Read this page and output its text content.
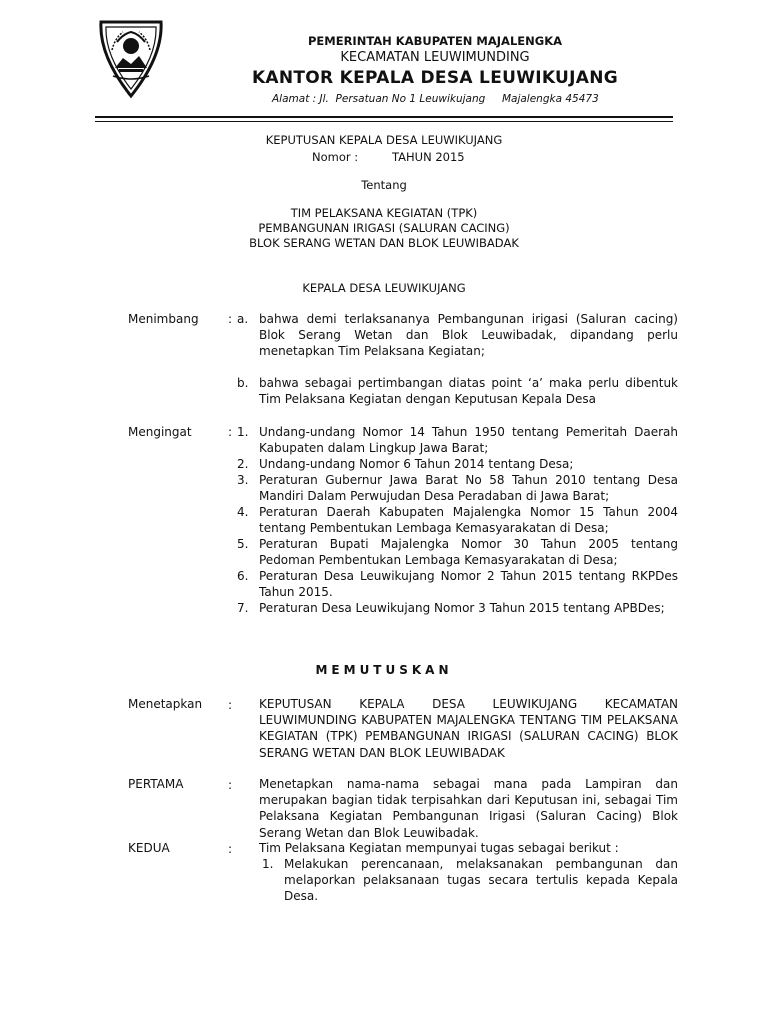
PEMERINTAH KABUPATEN MAJALENGKA
KECAMATAN LEUWIMUNDING
KANTOR KEPALA DESA LEUWIKUJANG
Alamat : Jl.  Persatuan No 1 Leuwikujang     Majalengka 45473
KEPUTUSAN KEPALA DESA LEUWIKUJANG
Nomor :	TAHUN 2015
Tentang
TIM PELAKSANA KEGIATAN (TPK)
PEMBANGUNAN IRIGASI (SALURAN CACING)
BLOK SERANG WETAN DAN BLOK LEUWIBADAK
KEPALA DESA LEUWIKUJANG
Menimbang : a. bahwa demi terlaksananya Pembangunan irigasi (Saluran cacing) Blok Serang Wetan dan Blok Leuwibadak, dipandang perlu menetapkan Tim Pelaksana Kegiatan;
b. bahwa sebagai pertimbangan diatas point ‘a’ maka perlu dibentuk Tim Pelaksana Kegiatan dengan Keputusan Kepala Desa
Mengingat	: 1. Undang-undang Nomor 14 Tahun 1950 tentang Pemeritah Daerah Kabupaten dalam Lingkup Jawa Barat;
2. Undang-undang Nomor 6 Tahun 2014 tentang Desa;
3. Peraturan Gubernur Jawa Barat No 58 Tahun 2010 tentang Desa Mandiri Dalam Perwujudan Desa Peradaban di Jawa Barat;
4. Peraturan Daerah Kabupaten Majalengka Nomor 15 Tahun 2004 tentang Pembentukan Lembaga Kemasyarakatan di Desa;
5. Peraturan Bupati Majalengka Nomor 30 Tahun 2005 tentang Pedoman Pembentukan Lembaga Kemasyarakatan di Desa;
6. Peraturan Desa Leuwikujang Nomor 2 Tahun 2015 tentang RKPDes Tahun 2015.
7. Peraturan Desa Leuwikujang Nomor 3 Tahun 2015 tentang APBDes;
MEMUTUSKAN
Menetapkan : KEPUTUSAN KEPALA DESA LEUWIKUJANG KECAMATAN LEUWIMUNDING KABUPATEN MAJALENGKA TENTANG TIM PELAKSANA KEGIATAN (TPK) PEMBANGUNAN IRIGASI (SALURAN CACING) BLOK SERANG WETAN DAN BLOK LEUWIBADAK
PERTAMA	: Menetapkan nama-nama sebagai mana pada Lampiran dan merupakan bagian tidak terpisahkan dari Keputusan ini, sebagai Tim Pelaksana Kegiatan Pembangunan Irigasi (Saluran Cacing) Blok Serang Wetan dan Blok Leuwibadak.
KEDUA	: Tim Pelaksana Kegiatan mempunyai tugas sebagai berikut :
1. Melakukan perencanaan, melaksanakan pembangunan dan melaporkan pelaksanaan tugas secara tertulis kepada Kepala Desa.
